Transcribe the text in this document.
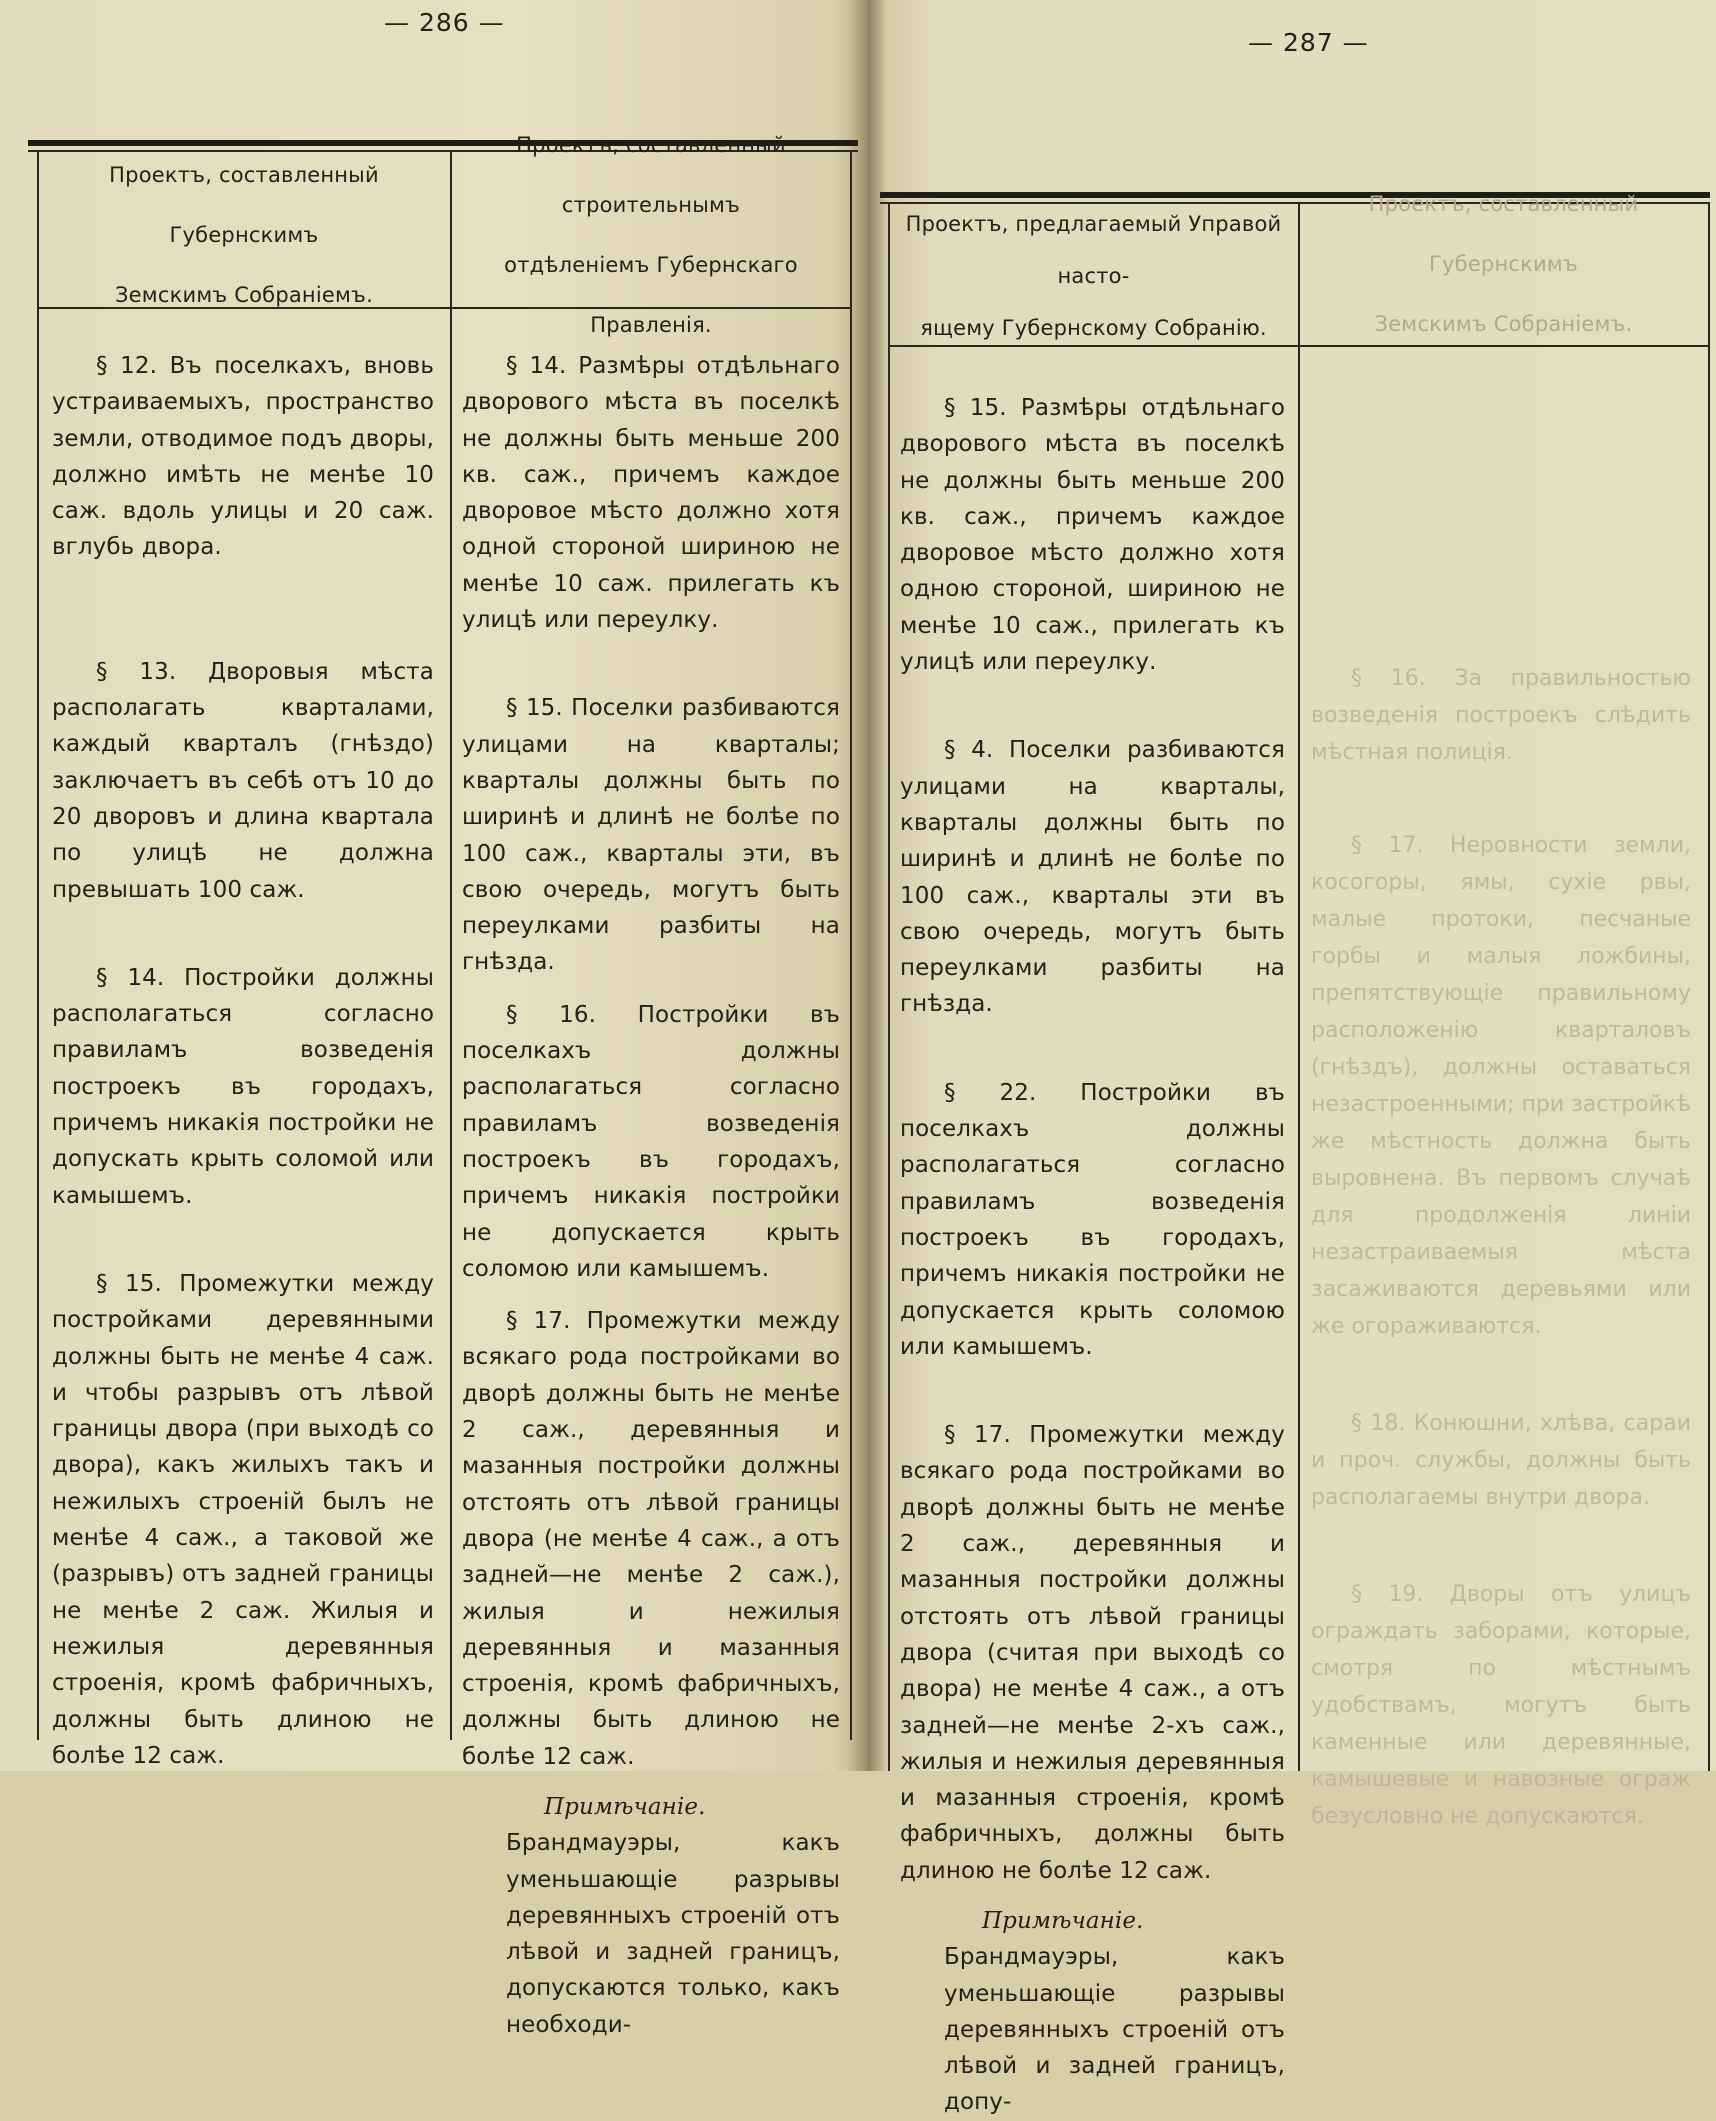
— 286 —
Проектъ, составленный Губернскимъ
Земскимъ Собраніемъ.
Проектъ, составленный строительнымъ
отдѣленіемъ Губернскаго Правленія.

§ 12. Въ поселкахъ, вновь устраиваемыхъ, пространство земли, отводимое подъ дворы, должно имѣть не менѣе 10 саж. вдоль улицы и 20 саж. вглубь двора.

§ 13. Дворовыя мѣста располагать кварталами, каждый кварталъ (гнѣздо) заключаетъ въ себѣ отъ 10 до 20 дворовъ и длина квартала по улицѣ не должна превышать 100 саж.

§ 14. Постройки должны располагаться согласно правиламъ возведенія построекъ въ городахъ, причемъ никакія постройки не допускать крыть соломой или камышемъ.

§ 15. Промежутки между постройками деревянными должны быть не менѣе 4 саж. и чтобы разрывъ отъ лѣвой границы двора (при выходѣ со двора), какъ жилыхъ такъ и нежилыхъ строеній былъ не менѣе 4 саж., а таковой же (разрывъ) отъ задней границы не менѣе 2 саж. Жилыя и нежилыя деревянныя строенія, кромѣ фабричныхъ, должны быть длиною не болѣе 12 саж.

§ 14. Размѣры отдѣльнаго дворового мѣста въ поселкѣ не должны быть меньше 200 кв. саж., причемъ каждое дворовое мѣсто должно хотя одной стороной шириною не менѣе 10 саж. прилегать къ улицѣ или переулку.

§ 15. Поселки разбиваются улицами на кварталы; кварталы должны быть по ширинѣ и длинѣ не болѣе по 100 саж., кварталы эти, въ свою очередь, могутъ быть переулками разбиты на гнѣзда.

§ 16. Постройки въ поселкахъ должны располагаться согласно правиламъ возведенія построекъ въ городахъ, причемъ никакія постройки не допускается крыть соломою или камышемъ.

§ 17. Промежутки между всякаго рода постройками во дворѣ должны быть не менѣе 2 саж., деревянныя и мазанныя постройки должны отстоять отъ лѣвой границы двора (не менѣе 4 саж., а отъ задней—не менѣе 2 саж.), жилыя и нежилыя деревянныя и мазанныя строенія, кромѣ фабричныхъ, должны быть длиною не болѣе 12 саж.

Примѣчаніе. Брандмауэры, какъ уменьшающіе разрывы деревянныхъ строеній отъ лѣвой и задней границъ, допускаются только, какъ необходи-

— 287 —
Проектъ, предлагаемый Управой насто-
ящему Губернскому Собранію.
Проектъ, составленный Губернскимъ
Земскимъ Собраніемъ.

§ 15. Размѣры отдѣльнаго дворового мѣста въ поселкѣ не должны быть меньше 200 кв. саж., причемъ каждое дворовое мѣсто должно хотя одною стороной, шириною не менѣе 10 саж., прилегать къ улицѣ или переулку.

§ 4. Поселки разбиваются улицами на кварталы, кварталы должны быть по ширинѣ и длинѣ не болѣе по 100 саж., кварталы эти въ свою очередь, могутъ быть переулками разбиты на гнѣзда.

§ 22. Постройки въ поселкахъ должны располагаться согласно правиламъ возведенія построекъ въ городахъ, причемъ никакія постройки не допускается крыть соломою или камышемъ.

§ 17. Промежутки между всякаго рода постройками во дворѣ должны быть не менѣе 2 саж., деревянныя и мазанныя постройки должны отстоять отъ лѣвой границы двора (считая при выходѣ со двора) не менѣе 4 саж., а отъ задней—не менѣе 2-хъ саж., жилыя и нежилыя деревянныя и мазанныя строенія, кромѣ фабричныхъ, должны быть длиною не болѣе 12 саж.

Примѣчаніе. Брандмауэры, какъ уменьшающіе разрывы деревянныхъ строеній отъ лѣвой и задней границъ, допу-

§ 16. За правильностью возведенія построекъ слѣдить мѣстная полиція.

§ 17. Неровности земли, косогоры, ямы, сухіе рвы, малые протоки, песчаные горбы и малыя ложбины, препятствующіе правильному расположенію кварталовъ (гнѣздъ), должны оставаться незастроенными; при застройкѣ же мѣстность должна быть выровнена. Въ первомъ случаѣ для продолженія линіи незастраиваемыя мѣста засаживаются деревьями или же огораживаются.

§ 18. Конюшни, хлѣва, сараи и проч. службы, должны быть располагаемы внутри двора.

§ 19. Дворы отъ улицъ ограждать заборами, которые, смотря по мѣстнымъ удобствамъ, могутъ быть каменные или деревянные, камышевые и навозные ограж безусловно не допускаются.
